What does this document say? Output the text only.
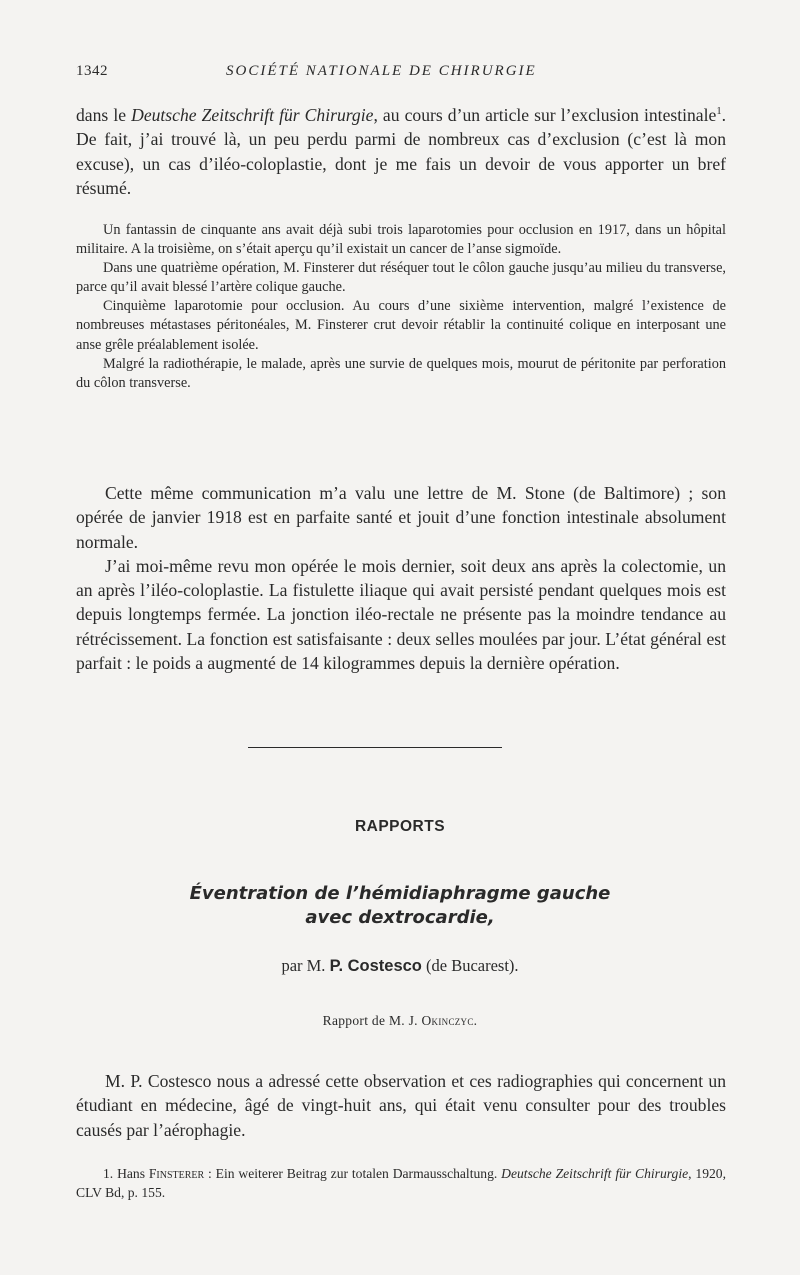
1342	SOCIÉTÉ NATIONALE DE CHIRURGIE

dans le Deutsche Zeitschrift für Chirurgie, au cours d’un article sur l’exclusion intestinale$^1$. De fait, j’ai trouvé là, un peu perdu parmi de nombreux cas d’exclusion (c’est là mon excuse), un cas d’iléo-coloplastie, dont je me fais un devoir de vous apporter un bref résumé.

Un fantassin de cinquante ans avait déjà subi trois laparotomies pour occlusion en 1917, dans un hôpital militaire. A la troisième, on s’était aperçu qu’il existait un cancer de l’anse sigmoïde.

Dans une quatrième opération, M. Finsterer dut réséquer tout le côlon gauche jusqu’au milieu du transverse, parce qu’il avait blessé l’artère colique gauche.

Cinquième laparotomie pour occlusion. Au cours d’une sixième intervention, malgré l’existence de nombreuses métastases péritonéales, M. Finsterer crut devoir rétablir la continuité colique en interposant une anse grêle préalablement isolée.

Malgré la radiothérapie, le malade, après une survie de quelques mois, mourut de péritonite par perforation du côlon transverse.

Cette même communication m’a valu une lettre de M. Stone (de Baltimore) ; son opérée de janvier 1918 est en parfaite santé et jouit d’une fonction intestinale absolument normale.

J’ai moi-même revu mon opérée le mois dernier, soit deux ans après la colectomie, un an après l’iléo-coloplastie. La fistulette iliaque qui avait persisté pendant quelques mois est depuis longtemps fermée. La jonction iléo-rectale ne présente pas la moindre tendance au rétrécissement. La fonction est satisfaisante : deux selles moulées par jour. L’état général est parfait : le poids a augmenté de 14 kilogrammes depuis la dernière opération.

RAPPORTS
Éventration de l’hémidiaphragme gauche
avec dextrocardie,
par M. P. Costesco (de Bucarest).
Rapport de M. J. Okinczyc.

M. P. Costesco nous a adressé cette observation et ces radiographies qui concernent un étudiant en médecine, âgé de vingt-huit ans, qui était venu consulter pour des troubles causés par l’aérophagie.

1. Hans Finsterer : Ein weiterer Beitrag zur totalen Darmausschaltung. Deutsche Zeitschrift für Chirurgie, 1920, CLV Bd, p. 155.
